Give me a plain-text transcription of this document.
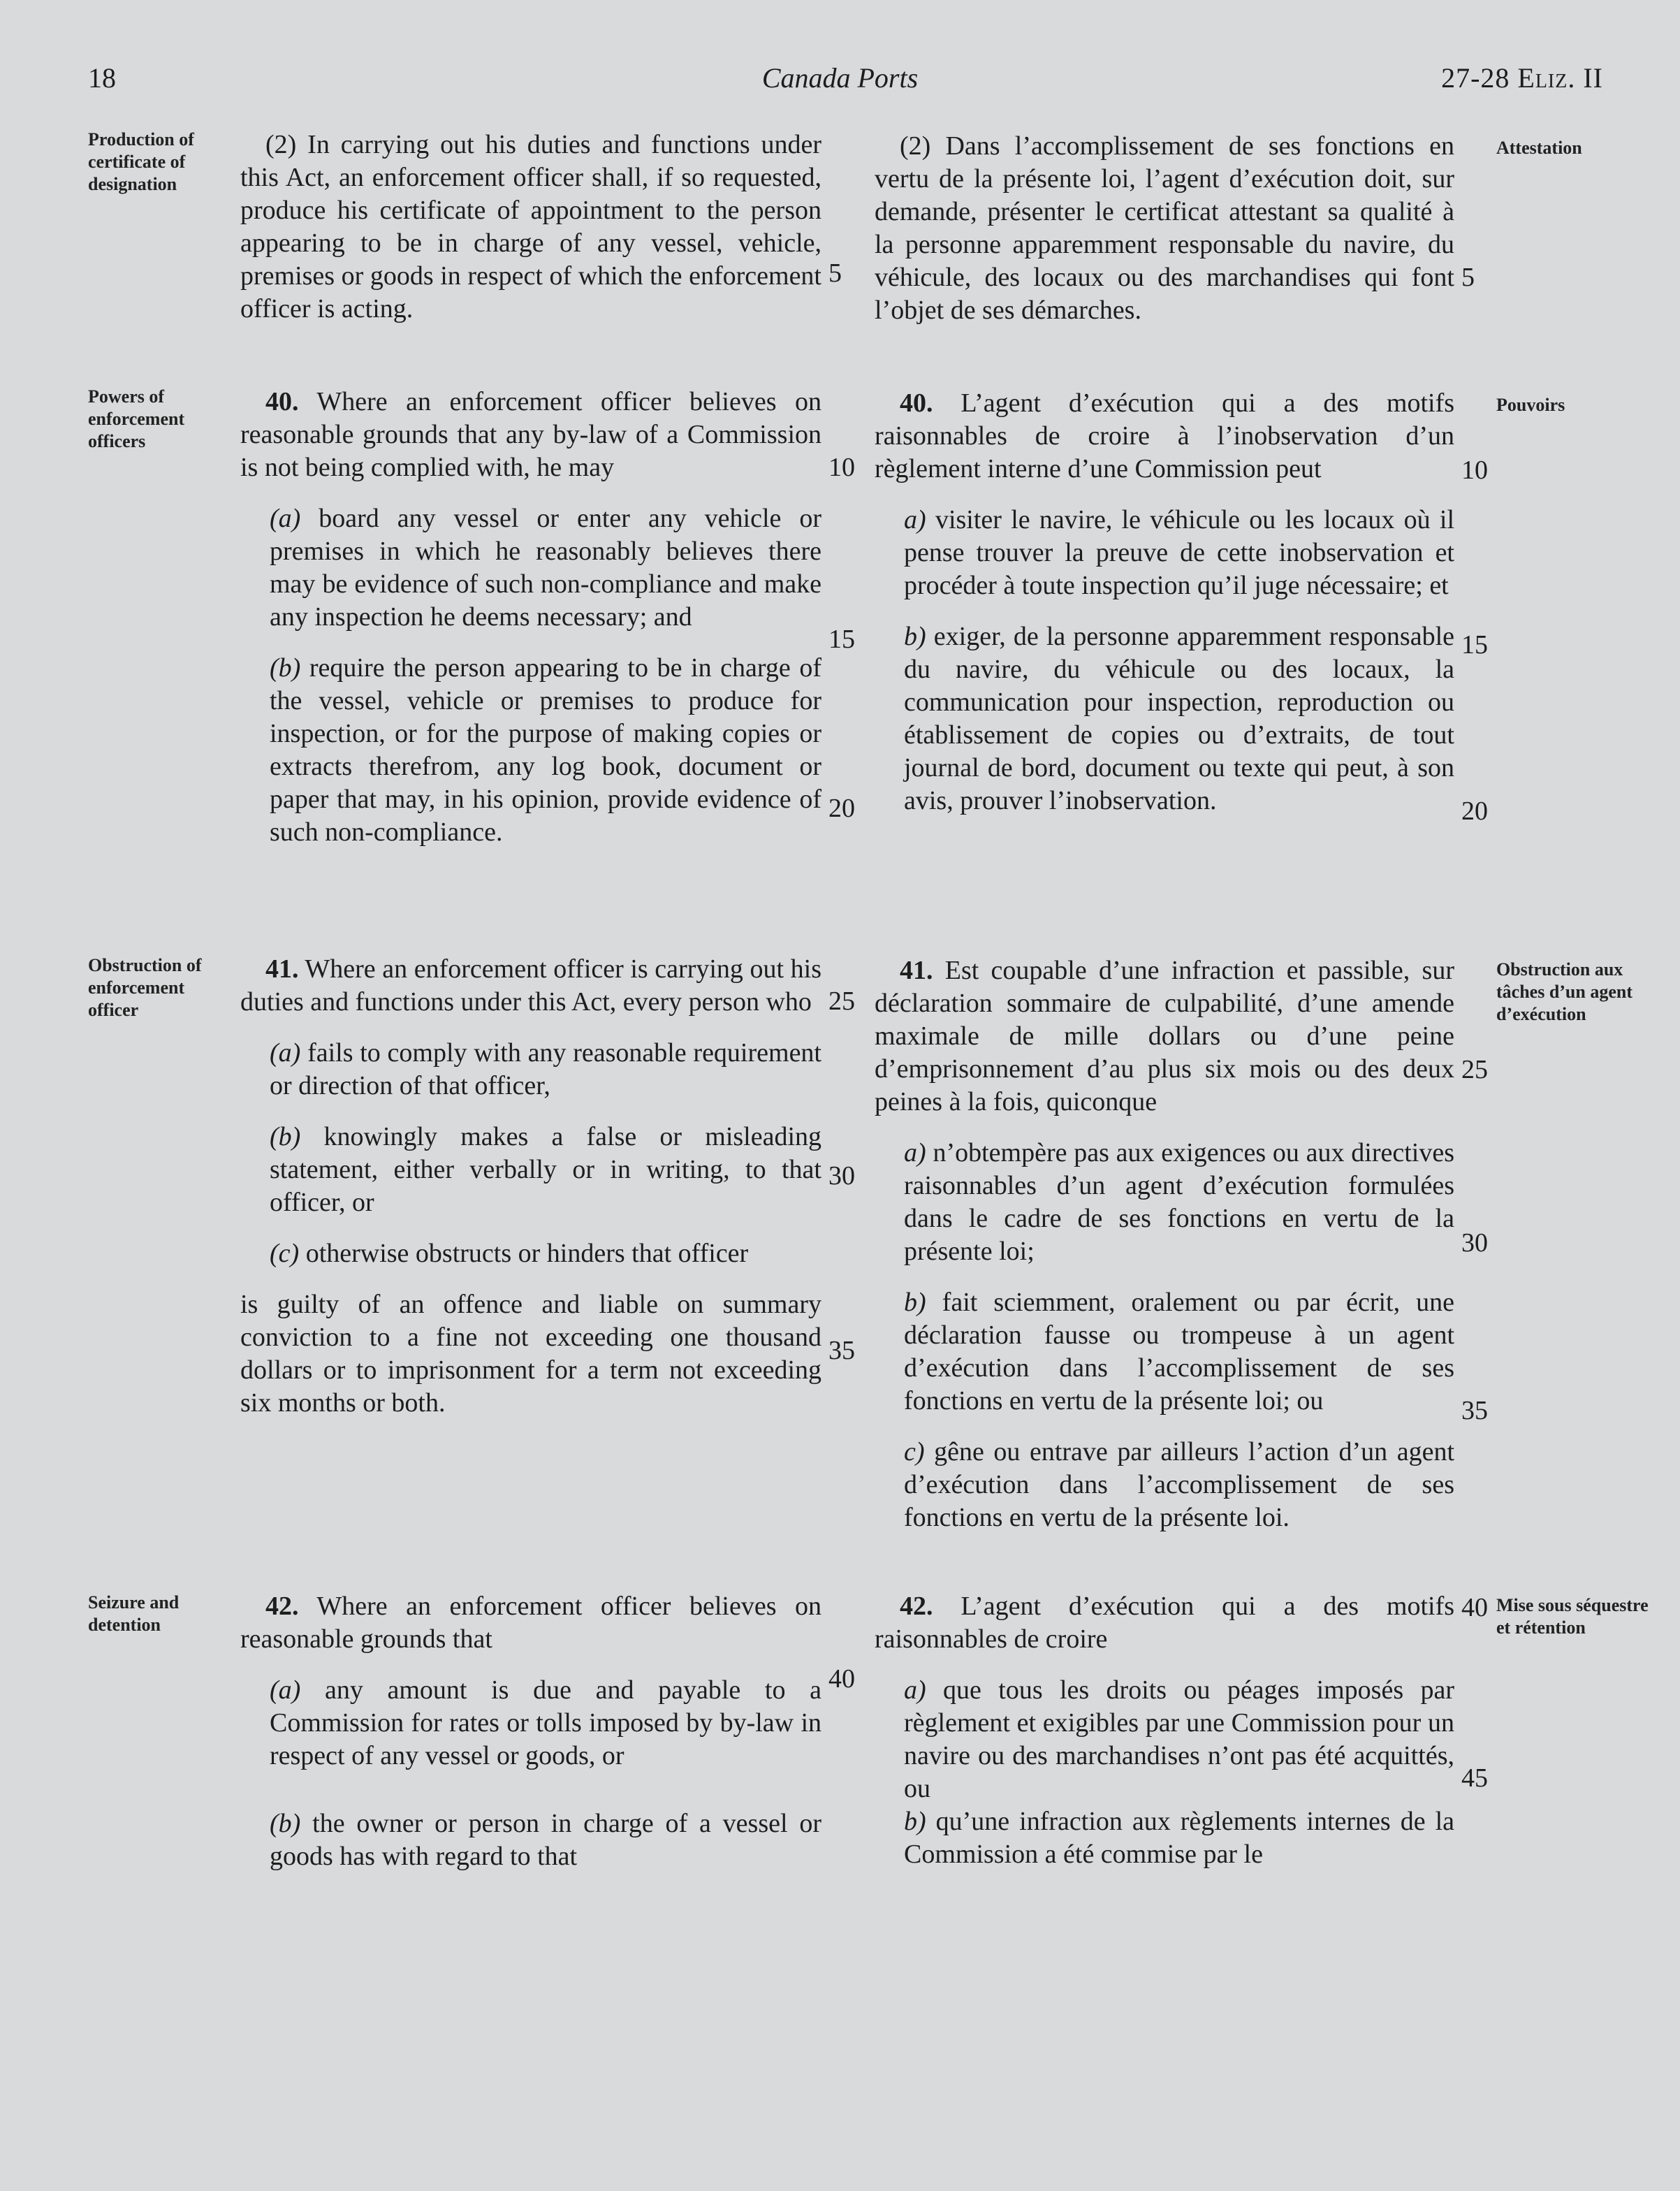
18	Canada Ports	27-28 Eliz. II
Production of certificate of designation
Attestation

(2) In carrying out his duties and functions under this Act, an enforcement officer shall, if so requested, produce his certificate of appointment to the person appearing to be in charge of any vessel, vehicle, premises or goods in respect of which the enforcement officer is acting.

(2) Dans l’accomplissement de ses fonctions en vertu de la présente loi, l’agent d’exécution doit, sur demande, présenter le certificat attestant sa qualité à la personne apparemment responsable du navire, du véhicule, des locaux ou des marchandises qui font l’objet de ses démarches.

5	5
Powers of enforcement officers
Pouvoirs

40. Where an enforcement officer believes on reasonable grounds that any by-law of a Commission is not being complied with, he may

(a) board any vessel or enter any vehicle or premises in which he reasonably believes there may be evidence of such non-compliance and make any inspection he deems necessary; and

(b) require the person appearing to be in charge of the vessel, vehicle or premises to produce for inspection, or for the purpose of making copies or extracts therefrom, any log book, document or paper that may, in his opinion, provide evidence of such non-compliance.

40. L’agent d’exécution qui a des motifs raisonnables de croire à l’inobservation d’un règlement interne d’une Commission peut

a) visiter le navire, le véhicule ou les locaux où il pense trouver la preuve de cette inobservation et procéder à toute inspection qu’il juge nécessaire; et

b) exiger, de la personne apparemment responsable du navire, du véhicule ou des locaux, la communication pour inspection, reproduction ou établissement de copies ou d’extraits, de tout journal de bord, document ou texte qui peut, à son avis, prouver l’inobservation.

10
15
20
10
15
20
Obstruction of enforcement officer
Obstruction aux tâches d’un agent d’exécution

41. Where an enforcement officer is carrying out his duties and functions under this Act, every person who

(a) fails to comply with any reasonable requirement or direction of that officer,

(b) knowingly makes a false or misleading statement, either verbally or in writing, to that officer, or

(c) otherwise obstructs or hinders that officer

is guilty of an offence and liable on summary conviction to a fine not exceeding one thousand dollars or to imprisonment for a term not exceeding six months or both.

41. Est coupable d’une infraction et passible, sur déclaration sommaire de culpabilité, d’une amende maximale de mille dollars ou d’une peine d’emprisonnement d’au plus six mois ou des deux peines à la fois, quiconque

a) n’obtempère pas aux exigences ou aux directives raisonnables d’un agent d’exécution formulées dans le cadre de ses fonctions en vertu de la présente loi;

b) fait sciemment, oralement ou par écrit, une déclaration fausse ou trompeuse à un agent d’exécution dans l’accomplissement de ses fonctions en vertu de la présente loi; ou

c) gêne ou entrave par ailleurs l’action d’un agent d’exécution dans l’accomplissement de ses fonctions en vertu de la présente loi.

25
30
35
25
30
35
Seizure and detention
Mise sous séquestre et rétention

42. Where an enforcement officer believes on reasonable grounds that

(a) any amount is due and payable to a Commission for rates or tolls imposed by by-law in respect of any vessel or goods, or

(b) the owner or person in charge of a vessel or goods has with regard to that

42. L’agent d’exécution qui a des motifs raisonnables de croire

a) que tous les droits ou péages imposés par règlement et exigibles par une Commission pour un navire ou des marchandises n’ont pas été acquittés, ou

b) qu’une infraction aux règlements internes de la Commission a été commise par le

40
40
45
